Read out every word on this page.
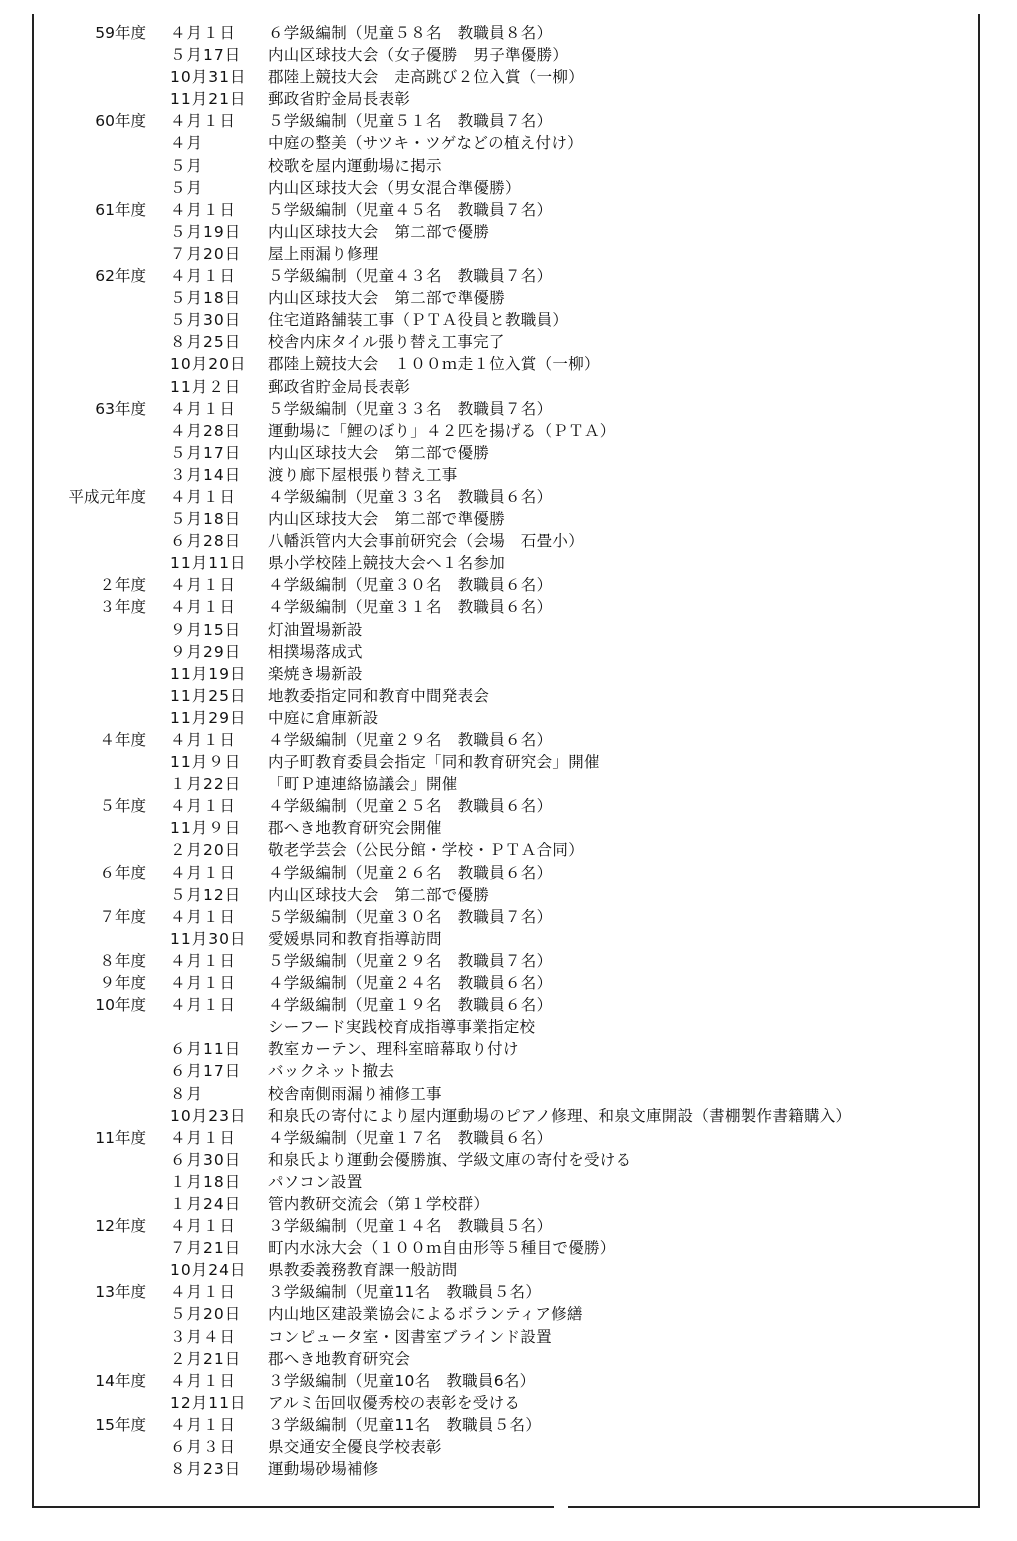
59年度	４月１日	６学級編制（児童５８名　教職員８名）
５月17日	内山区球技大会（女子優勝　男子準優勝）
10月31日	郡陸上競技大会　走高跳び２位入賞（一柳）
11月21日	郵政省貯金局長表彰
60年度	４月１日	５学級編制（児童５１名　教職員７名）
４月	中庭の整美（サツキ・ツゲなどの植え付け）
５月	校歌を屋内運動場に掲示
５月	内山区球技大会（男女混合準優勝）
61年度	４月１日	５学級編制（児童４５名　教職員７名）
５月19日	内山区球技大会　第二部で優勝
７月20日	屋上雨漏り修理
62年度	４月１日	５学級編制（児童４３名　教職員７名）
５月18日	内山区球技大会　第二部で準優勝
５月30日	住宅道路舗装工事（ＰＴＡ役員と教職員）
８月25日	校舎内床タイル張り替え工事完了
10月20日	郡陸上競技大会　１００ｍ走１位入賞（一柳）
11月２日	郵政省貯金局長表彰
63年度	４月１日	５学級編制（児童３３名　教職員７名）
４月28日	運動場に「鯉のぼり」４２匹を揚げる（ＰＴＡ）
５月17日	内山区球技大会　第二部で優勝
３月14日	渡り廊下屋根張り替え工事
平成元年度	４月１日	４学級編制（児童３３名　教職員６名）
５月18日	内山区球技大会　第二部で準優勝
６月28日	八幡浜管内大会事前研究会（会場　石畳小）
11月11日	県小学校陸上競技大会へ１名参加
２年度	４月１日	４学級編制（児童３０名　教職員６名）
３年度	４月１日	４学級編制（児童３１名　教職員６名）
９月15日	灯油置場新設
９月29日	相撲場落成式
11月19日	楽焼き場新設
11月25日	地教委指定同和教育中間発表会
11月29日	中庭に倉庫新設
４年度	４月１日	４学級編制（児童２９名　教職員６名）
11月９日	内子町教育委員会指定「同和教育研究会」開催
１月22日	「町Ｐ連連絡協議会」開催
５年度	４月１日	４学級編制（児童２５名　教職員６名）
11月９日	郡へき地教育研究会開催
２月20日	敬老学芸会（公民分館・学校・ＰＴＡ合同）
６年度	４月１日	４学級編制（児童２６名　教職員６名）
５月12日	内山区球技大会　第二部で優勝
７年度	４月１日	５学級編制（児童３０名　教職員７名）
11月30日	愛媛県同和教育指導訪問
８年度	４月１日	５学級編制（児童２９名　教職員７名）
９年度	４月１日	４学級編制（児童２４名　教職員６名）
10年度	４月１日	４学級編制（児童１９名　教職員６名）
シーフード実践校育成指導事業指定校
６月11日	教室カーテン、理科室暗幕取り付け
６月17日	バックネット撤去
８月	校舎南側雨漏り補修工事
10月23日	和泉氏の寄付により屋内運動場のピアノ修理、和泉文庫開設（書棚製作書籍購入）
11年度	４月１日	４学級編制（児童１７名　教職員６名）
６月30日	和泉氏より運動会優勝旗、学級文庫の寄付を受ける
１月18日	パソコン設置
１月24日	管内教研交流会（第１学校群）
12年度	４月１日	３学級編制（児童１４名　教職員５名）
７月21日	町内水泳大会（１００ｍ自由形等５種目で優勝）
10月24日	県教委義務教育課一般訪問
13年度	４月１日	３学級編制（児童11名　教職員５名）
５月20日	内山地区建設業協会によるボランティア修繕
３月４日	コンピュータ室・図書室ブラインド設置
２月21日	郡へき地教育研究会
14年度	４月１日	３学級編制（児童10名　教職員6名）
12月11日	アルミ缶回収優秀校の表彰を受ける
15年度	４月１日	３学級編制（児童11名　教職員５名）
６月３日	県交通安全優良学校表彰
８月23日	運動場砂場補修
